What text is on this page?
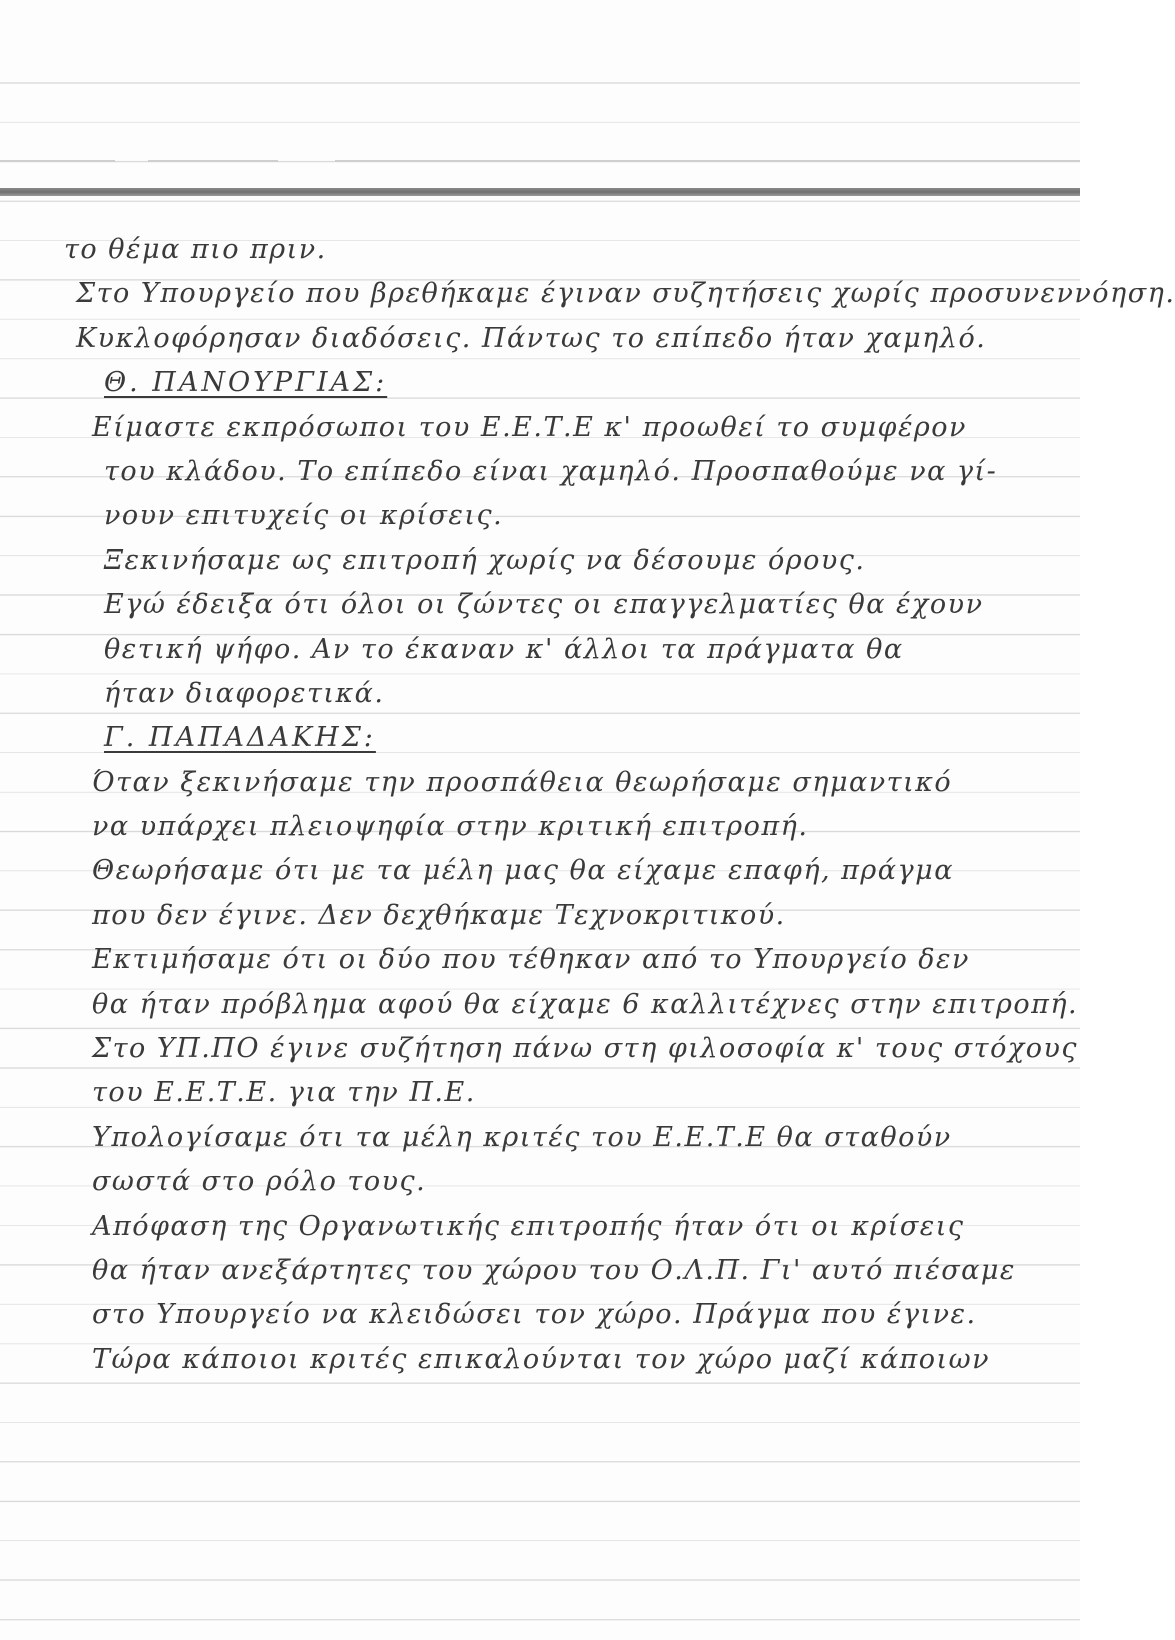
το θέμα πιο πριν.
Στο Υπουργείο που βρεθήκαμε έγιναν συζητήσεις χωρίς προσυνεννόηση.
Κυκλοφόρησαν διαδόσεις. Πάντως το επίπεδο ήταν χαμηλό.
Θ. ΠΑΝΟΥΡΓΙΑΣ:
Είμαστε εκπρόσωποι του Ε.Ε.Τ.Ε κ' προωθεί το συμφέρον
του κλάδου. Το επίπεδο είναι χαμηλό. Προσπαθούμε να γί-
νουν επιτυχείς οι κρίσεις.
Ξεκινήσαμε ως επιτροπή χωρίς να δέσουμε όρους.
Εγώ έδειξα ότι όλοι οι ζώντες οι επαγγελματίες θα έχουν
θετική ψήφο. Αν το έκαναν κ' άλλοι τα πράγματα θα
ήταν διαφορετικά.
Γ. ΠΑΠΑΔΑΚΗΣ:
Όταν ξεκινήσαμε την προσπάθεια θεωρήσαμε σημαντικό
να υπάρχει πλειοψηφία στην κριτική επιτροπή.
Θεωρήσαμε ότι με τα μέλη μας θα είχαμε επαφή, πράγμα
που δεν έγινε. Δεν δεχθήκαμε Τεχνοκριτικού.
Εκτιμήσαμε ότι οι δύο που τέθηκαν από το Υπουργείο δεν
θα ήταν πρόβλημα αφού θα είχαμε 6 καλλιτέχνες στην επιτροπή.
Στο ΥΠ.ΠΟ έγινε συζήτηση πάνω στη φιλοσοφία κ' τους στόχους
του Ε.Ε.Τ.Ε. για την Π.Ε.
Υπολογίσαμε ότι τα μέλη κριτές του Ε.Ε.Τ.Ε θα σταθούν
σωστά στο ρόλο τους.
Απόφαση της Οργανωτικής επιτροπής ήταν ότι οι κρίσεις
θα ήταν ανεξάρτητες του χώρου του Ο.Λ.Π. Γι' αυτό πιέσαμε
στο Υπουργείο να κλειδώσει τον χώρο. Πράγμα που έγινε.
Τώρα κάποιοι κριτές επικαλούνται τον χώρο μαζί κάποιων
